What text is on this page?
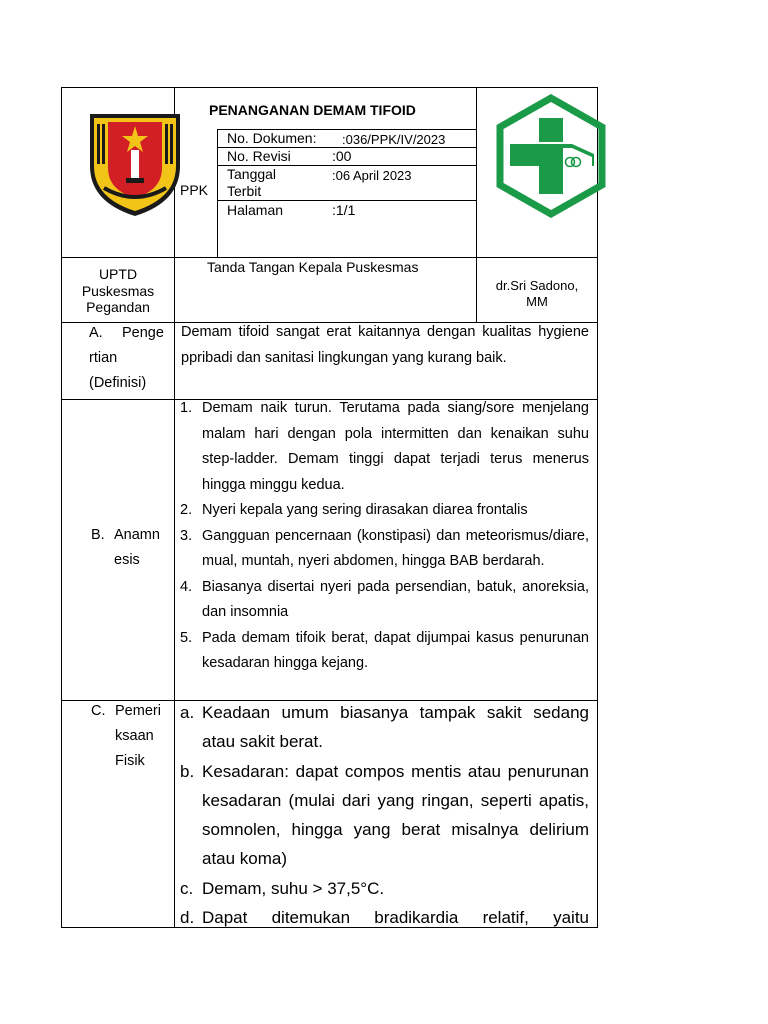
PENANGANAN DEMAM TIFOID
PPK
No. Dokumen: :036/PPK/IV/2023
No. Revisi	:00
Tanggal
Terbit
:06 April 2023
Halaman	:1/1
UPTD
Puskesmas
Pegandan
Tanda Tangan Kepala Puskesmas
dr.Sri Sadono,
MM
A. Penge
rtian
(Definisi)
Demam tifoid sangat erat kaitannya dengan kualitas hygiene ppribadi dan sanitasi lingkungan yang kurang baik.
B. Anamn
esis
1. Demam naik turun. Terutama pada siang/sore menjelang malam hari dengan pola intermitten dan kenaikan suhu step-ladder. Demam tinggi dapat terjadi terus menerus hingga minggu kedua.
2. Nyeri kepala yang sering dirasakan diarea frontalis
3. Gangguan pencernaan (konstipasi) dan meteorismus/diare, mual, muntah, nyeri abdomen, hingga BAB berdarah.
4. Biasanya disertai nyeri pada persendian, batuk, anoreksia, dan insomnia
5. Pada demam tifoik berat, dapat dijumpai kasus penurunan kesadaran hingga kejang.
C. Pemeri
ksaan
Fisik
a. Keadaan umum biasanya tampak sakit sedang atau sakit berat.
b. Kesadaran: dapat compos mentis atau penurunan kesadaran (mulai dari yang ringan, seperti apatis, somnolen, hingga yang berat misalnya delirium atau koma)
c. Demam, suhu > 37,5°C.
d. Dapat ditemukan bradikardia relatif, yaitu
